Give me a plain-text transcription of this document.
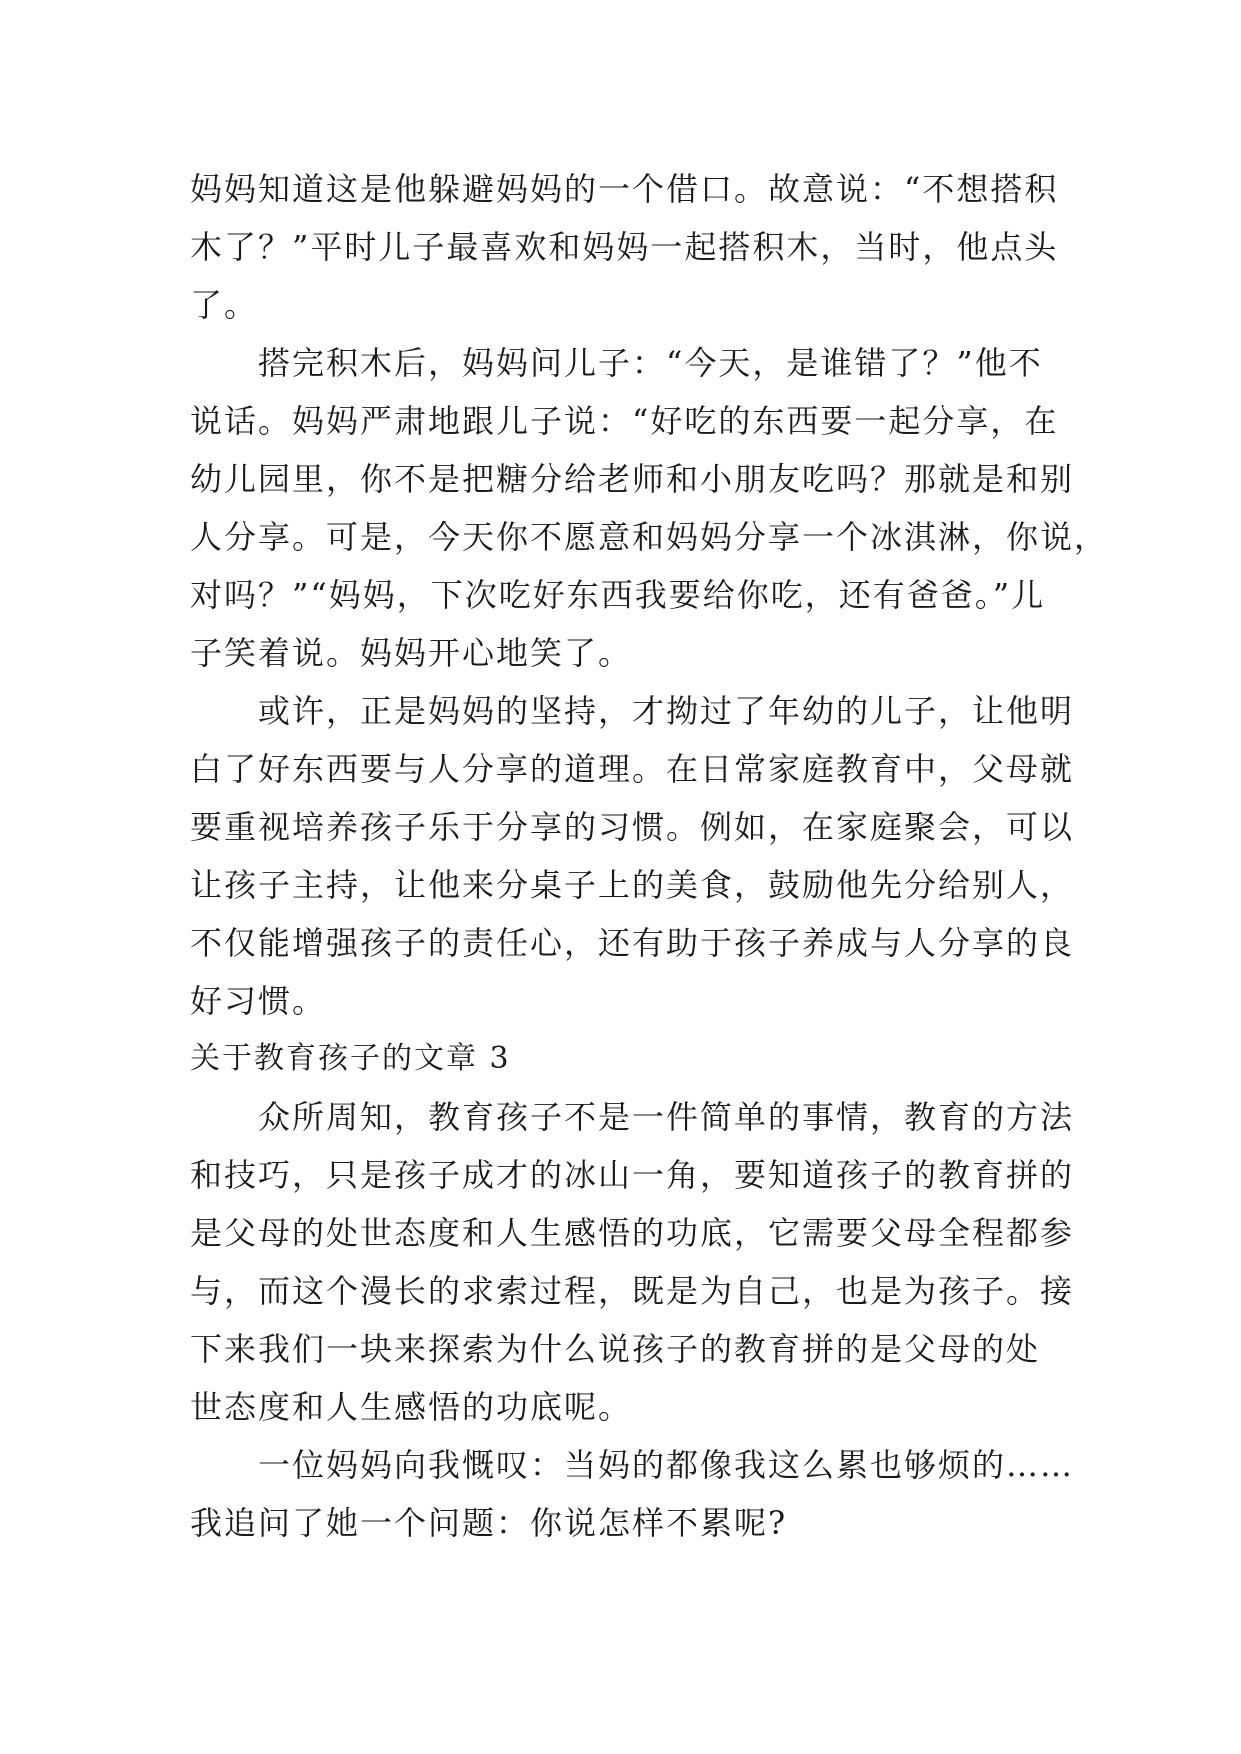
妈妈知道这是他躲避妈妈的一个借口。故意说：“不想搭积
木了？”平时儿子最喜欢和妈妈一起搭积木，当时，他点头
了。
搭完积木后，妈妈问儿子：“今天，是谁错了？”他不
说话。妈妈严肃地跟儿子说：“好吃的东西要一起分享，在
幼儿园里，你不是把糖分给老师和小朋友吃吗？那就是和别
人分享。可是，今天你不愿意和妈妈分享一个冰淇淋，你说，
对吗？”“妈妈，下次吃好东西我要给你吃，还有爸爸。”儿
子笑着说。妈妈开心地笑了。
或许，正是妈妈的坚持，才拗过了年幼的儿子，让他明
白了好东西要与人分享的道理。在日常家庭教育中，父母就
要重视培养孩子乐于分享的习惯。例如，在家庭聚会，可以
让孩子主持，让他来分桌子上的美食，鼓励他先分给别人，
不仅能增强孩子的责任心，还有助于孩子养成与人分享的良
好习惯。
关于教育孩子的文章 3
众所周知，教育孩子不是一件简单的事情，教育的方法
和技巧，只是孩子成才的冰山一角，要知道孩子的教育拼的
是父母的处世态度和人生感悟的功底，它需要父母全程都参
与，而这个漫长的求索过程，既是为自己，也是为孩子。接
下来我们一块来探索为什么说孩子的教育拼的是父母的处
世态度和人生感悟的功底呢。
一位妈妈向我慨叹：当妈的都像我这么累也够烦的……
我追问了她一个问题：你说怎样不累呢?
